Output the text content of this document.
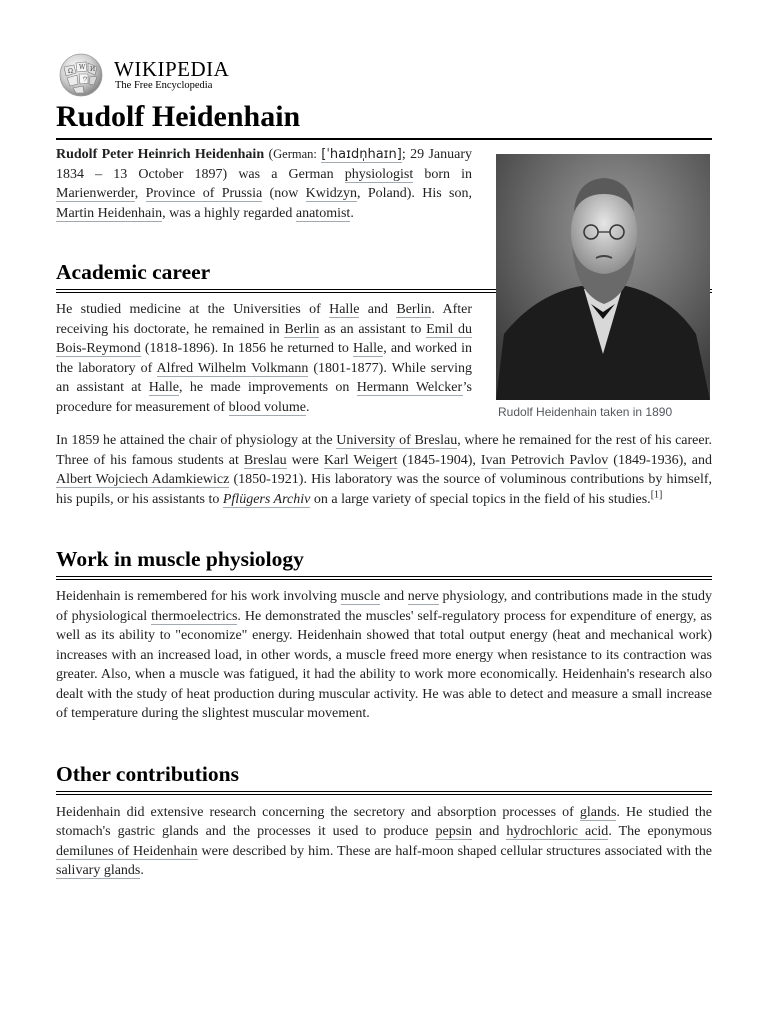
Ω
W И
ウ WIKIPEDIA
The Free Encyclopedia
Rudolf Heidenhain
Rudolf Heidenhain taken in 1890

Rudolf Peter Heinrich Heidenhain (German: [ˈhaɪdn̩haɪn]; 29 January 1834 – 13 October 1897) was a German physiologist born in Marienwerder, Province of Prussia (now Kwidzyn, Poland). His son, Martin Heidenhain, was a highly regarded anatomist.

Academic career

He studied medicine at the Universities of Halle and Berlin. After receiving his doctorate, he remained in Berlin as an assistant to Emil du Bois-Reymond (1818-1896). In 1856 he returned to Halle, and worked in the laboratory of Alfred Wilhelm Volkmann (1801-1877). While serving an assistant at Halle, he made improvements on Hermann Welcker’s procedure for measurement of blood volume.

In 1859 he attained the chair of physiology at the University of Breslau, where he remained for the rest of his career. Three of his famous students at Breslau were Karl Weigert (1845-1904), Ivan Petrovich Pavlov (1849-1936), and Albert Wojciech Adamkiewicz (1850-1921). His laboratory was the source of voluminous contributions by himself, his pupils, or his assistants to Pflügers Archiv on a large variety of special topics in the field of his studies.[1]

Work in muscle physiology

Heidenhain is remembered for his work involving muscle and nerve physiology, and contributions made in the study of physiological thermoelectrics. He demonstrated the muscles' self-regulatory process for expenditure of energy, as well as its ability to "economize" energy. Heidenhain showed that total output energy (heat and mechanical work) increases with an increased load, in other words, a muscle freed more energy when resistance to its contraction was greater. Also, when a muscle was fatigued, it had the ability to work more economically. Heidenhain's research also dealt with the study of heat production during muscular activity. He was able to detect and measure a small increase of temperature during the slightest muscular movement.

Other contributions

Heidenhain did extensive research concerning the secretory and absorption processes of glands. He studied the stomach's gastric glands and the processes it used to produce pepsin and hydrochloric acid. The eponymous demilunes of Heidenhain were described by him. These are half-moon shaped cellular structures associated with the salivary glands.
